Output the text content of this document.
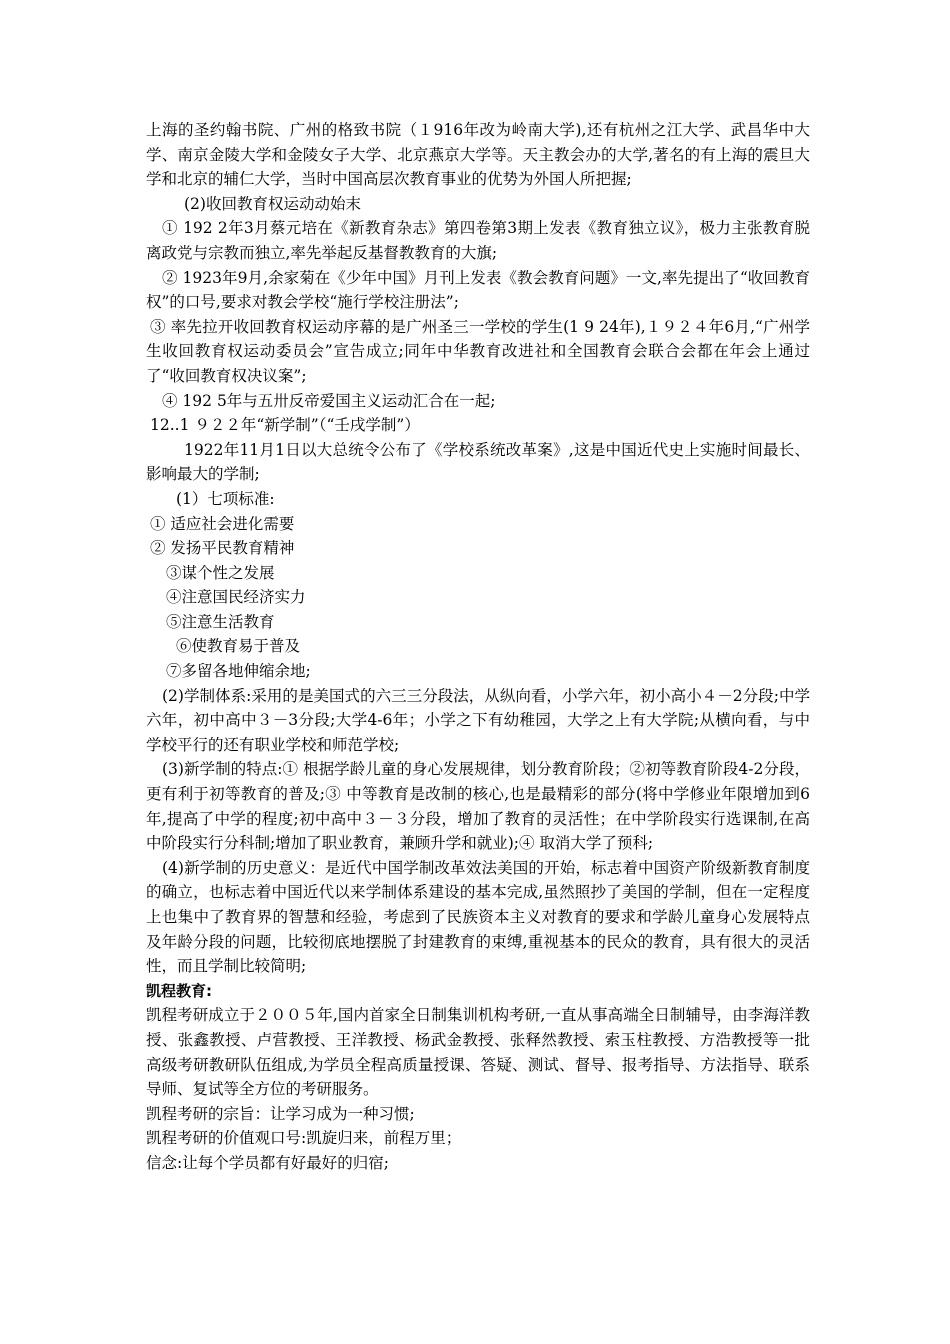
上海的圣约翰书院、广州的格致书院（１916年改为岭南大学),还有杭州之江大学、武昌华中大学、南京金陵大学和金陵女子大学、北京燕京大学等。天主教会办的大学,著名的有上海的震旦大学和北京的辅仁大学，当时中国高层次教育事业的优势为外国人所把握;

(2)收回教育权运动动始末

① 192 2年3月蔡元培在《新教育杂志》第四卷第3期上发表《教育独立议》，极力主张教育脱离政党与宗教而独立,率先举起反基督教教育的大旗;

② 1923年9月,余家菊在《少年中国》月刊上发表《教会教育问题》一文,率先提出了“收回教育权”的口号,要求对教会学校“施行学校注册法”;

③ 率先拉开收回教育权运动序幕的是广州圣三一学校的学生(1 9 24年),１９２４年6月,“广州学生收回教育权运动委员会”宣告成立;同年中华教育改进社和全国教育会联合会都在年会上通过了“收回教育权决议案”;

④ 192 5年与五卅反帝爱国主义运动汇合在一起;

12..1 ９２２年“新学制”（“壬戌学制”）

1922年11月1日以大总统令公布了《学校系统改革案》,这是中国近代史上实施时间最长、影响最大的学制;

(1）七项标准:

① 适应社会进化需要

② 发扬平民教育精神

③谋个性之发展

④注意国民经济实力

⑤注意生活教育

⑥使教育易于普及

⑦多留各地伸缩余地;

(2)学制体系:采用的是美国式的六三三分段法，从纵向看，小学六年，初小高小４－2分段;中学六年，初中高中３－3分段;大学4-6年；小学之下有幼稚园，大学之上有大学院;从横向看，与中学校平行的还有职业学校和师范学校;

(3)新学制的特点:① 根据学龄儿童的身心发展规律，划分教育阶段；②初等教育阶段4-2分段，更有利于初等教育的普及;③ 中等教育是改制的核心,也是最精彩的部分(将中学修业年限增加到6年,提高了中学的程度;初中高中３－３分段，增加了教育的灵活性；在中学阶段实行选课制,在高中阶段实行分科制;增加了职业教育，兼顾升学和就业);④ 取消大学了预科;

(4)新学制的历史意义：是近代中国学制改革效法美国的开始，标志着中国资产阶级新教育制度的确立，也标志着中国近代以来学制体系建设的基本完成,虽然照抄了美国的学制，但在一定程度上也集中了教育界的智慧和经验，考虑到了民族资本主义对教育的要求和学龄儿童身心发展特点及年龄分段的问题，比较彻底地摆脱了封建教育的束缚,重视基本的民众的教育，具有很大的灵活性，而且学制比较简明;

凯程教育:

凯程考研成立于２００５年,国内首家全日制集训机构考研,一直从事高端全日制辅导，由李海洋教授、张鑫教授、卢营教授、王洋教授、杨武金教授、张释然教授、索玉柱教授、方浩教授等一批高级考研教研队伍组成,为学员全程高质量授课、答疑、测试、督导、报考指导、方法指导、联系导师、复试等全方位的考研服务。

凯程考研的宗旨：让学习成为一种习惯;

凯程考研的价值观口号:凯旋归来，前程万里；

信念:让每个学员都有好最好的归宿;
